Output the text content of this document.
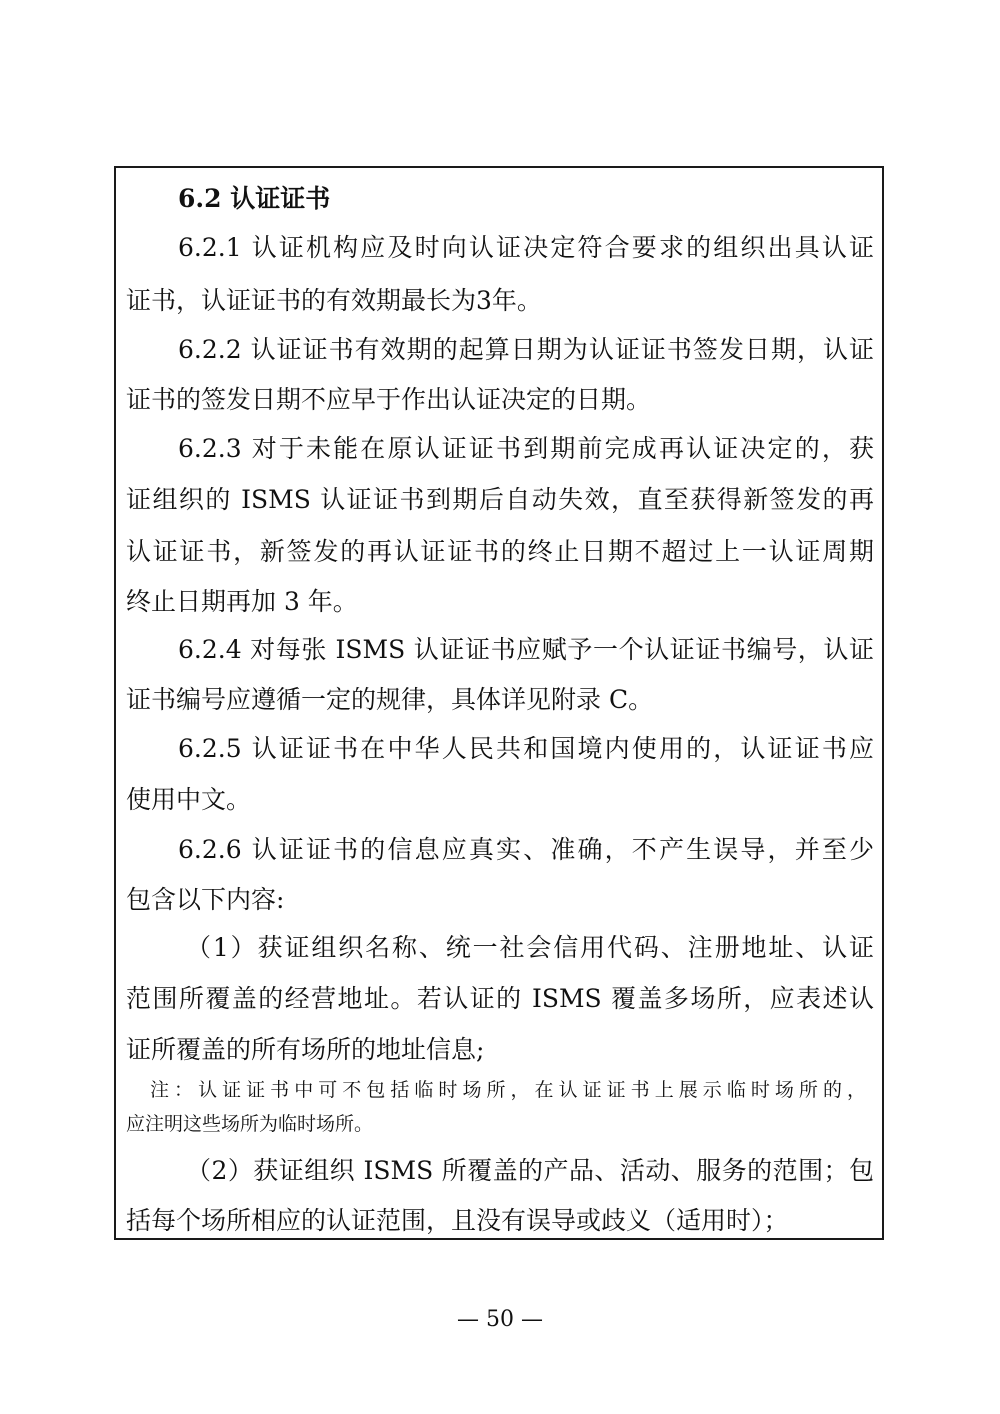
6.2 认证证书
6.2.1 认证机构应及时向认证决定符合要求的组织出具认证
证书，认证证书的有效期最长为3年。
6.2.2 认证证书有效期的起算日期为认证证书签发日期，认证
证书的签发日期不应早于作出认证决定的日期。
6.2.3 对于未能在原认证证书到期前完成再认证决定的，获
证组织的 ISMS 认证证书到期后自动失效，直至获得新签发的再
认证证书，新签发的再认证证书的终止日期不超过上一认证周期
终止日期再加 3 年。
6.2.4 对每张 ISMS 认证证书应赋予一个认证证书编号，认证
证书编号应遵循一定的规律，具体详见附录 C。
6.2.5 认证证书在中华人民共和国境内使用的，认证证书应
使用中文。
6.2.6 认证证书的信息应真实、准确，不产生误导，并至少
包含以下内容:
（1）获证组织名称、统一社会信用代码、注册地址、认证
范围所覆盖的经营地址。若认证的 ISMS 覆盖多场所，应表述认
证所覆盖的所有场所的地址信息;
注：认证证书中可不包括临时场所，在认证证书上展示临时场所的，
应注明这些场所为临时场所。
（2）获证组织 ISMS 所覆盖的产品、活动、服务的范围；包
括每个场所相应的认证范围，且没有误导或歧义（适用时）；
— 50 —
